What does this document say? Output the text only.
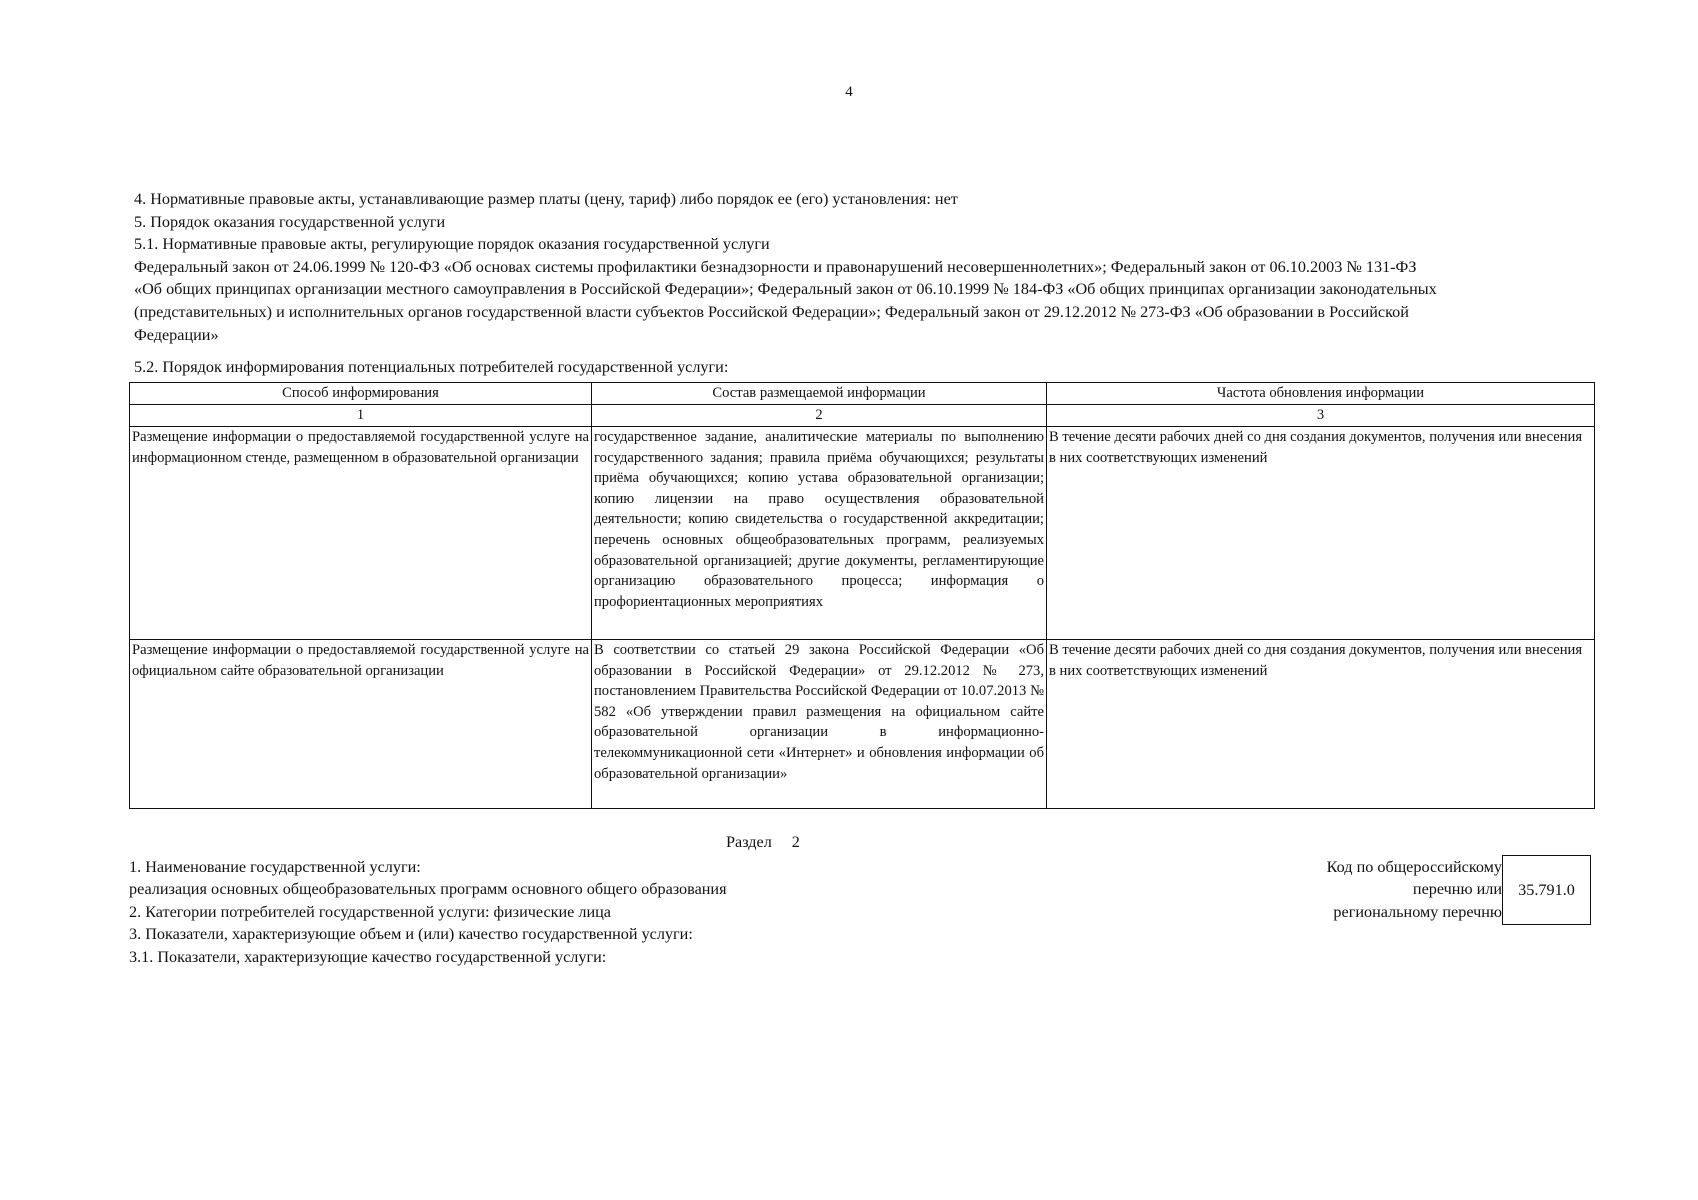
4
4. Нормативные правовые акты, устанавливающие размер платы (цену, тариф) либо порядок ее (его) установления: нет
5. Порядок оказания государственной услуги
5.1. Нормативные правовые акты, регулирующие порядок оказания государственной услуги
Федеральный закон от 24.06.1999 № 120-ФЗ «Об основах системы профилактики безнадзорности и правонарушений несовершеннолетних»; Федеральный закон от 06.10.2003 № 131-ФЗ
«Об общих принципах организации местного самоуправления в Российской Федерации»; Федеральный закон от 06.10.1999 № 184-ФЗ «Об общих принципах организации законодательных
(представительных) и исполнительных органов государственной власти субъектов Российской Федерации»; Федеральный закон от 29.12.2012 № 273-ФЗ «Об образовании в Российской
Федерации»
5.2. Порядок информирования потенциальных потребителей государственной услуги:
Способ информирования	Состав размещаемой информации	Частота обновления информации
1	2	3
Размещение информации о предоставляемой государственной услуге на информационном стенде, размещенном в образовательной организации	государственное задание, аналитические материалы по выполнению государственного задания; правила приёма обучающихся; результаты приёма обучающихся; копию устава образовательной организации; копию лицензии на право осуществления образовательной деятельности; копию свидетельства о государственной аккредитации; перечень основных общеобразовательных программ, реализуемых образовательной организацией; другие документы, регламентирующие организацию образовательного процесса; информация о профориентационных мероприятиях	В течение десяти рабочих дней со дня создания документов, получения или внесения в них соответствующих изменений
Размещение информации о предоставляемой государственной услуге на официальном сайте образовательной организации	В соответствии со статьей 29 закона Российской Федерации «Об образовании в Российской Федерации» от 29.12.2012 № 273, постановлением Правительства Российской Федерации от 10.07.2013 № 582 «Об утверждении правил размещения на официальном сайте образовательной организации в информационно-телекоммуникационной сети «Интернет» и обновления информации об образовательной организации»	В течение десяти рабочих дней со дня создания документов, получения или внесения в них соответствующих изменений
Раздел 2
1. Наименование государственной услуги:
реализация основных общеобразовательных программ основного общего образования
2. Категории потребителей государственной услуги: физические лица
3. Показатели, характеризующие объем и (или) качество государственной услуги:
3.1. Показатели, характеризующие качество государственной услуги:
Код по общероссийскому
перечню или
региональному перечню
35.791.0
